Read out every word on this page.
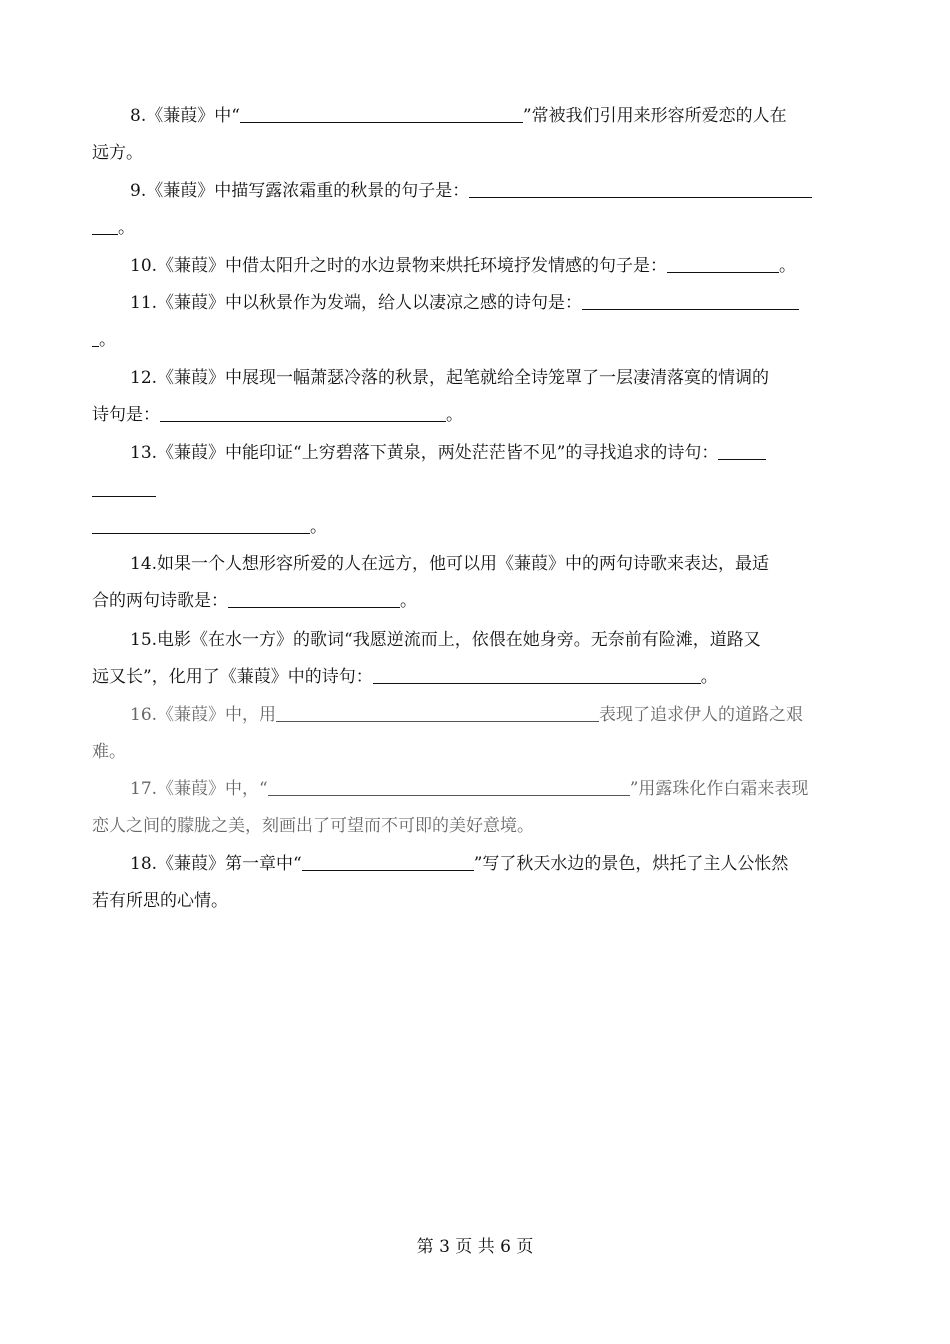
8.《蒹葭》中“	”常被我们引用来形容所爱恋的人在
远方。
9.《蒹葭》中描写露浓霜重的秋景的句子是：
。
10.《蒹葭》中借太阳升之时的水边景物来烘托环境抒发情感的句子是：	。
11.《蒹葭》中以秋景作为发端，给人以凄凉之感的诗句是：
。
12.《蒹葭》中展现一幅萧瑟冷落的秋景，起笔就给全诗笼罩了一层凄清落寞的情调的
诗句是：	。
13.《蒹葭》中能印证“上穷碧落下黄泉，两处茫茫皆不见”的寻找追求的诗句：

。
14.如果一个人想形容所爱的人在远方，他可以用《蒹葭》中的两句诗歌来表达，最适
合的两句诗歌是：	。
15.电影《在水一方》的歌词“我愿逆流而上，依偎在她身旁。无奈前有险滩，道路又
远又长”，化用了《蒹葭》中的诗句：	。
16.《蒹葭》中，用	表现了追求伊人的道路之艰
难。
17.《蒹葭》中，“	”用露珠化作白霜来表现
恋人之间的朦胧之美，刻画出了可望而不可即的美好意境。
18.《蒹葭》第一章中“	”写了秋天水边的景色，烘托了主人公怅然
若有所思的心情。
第 3 页 共 6 页
